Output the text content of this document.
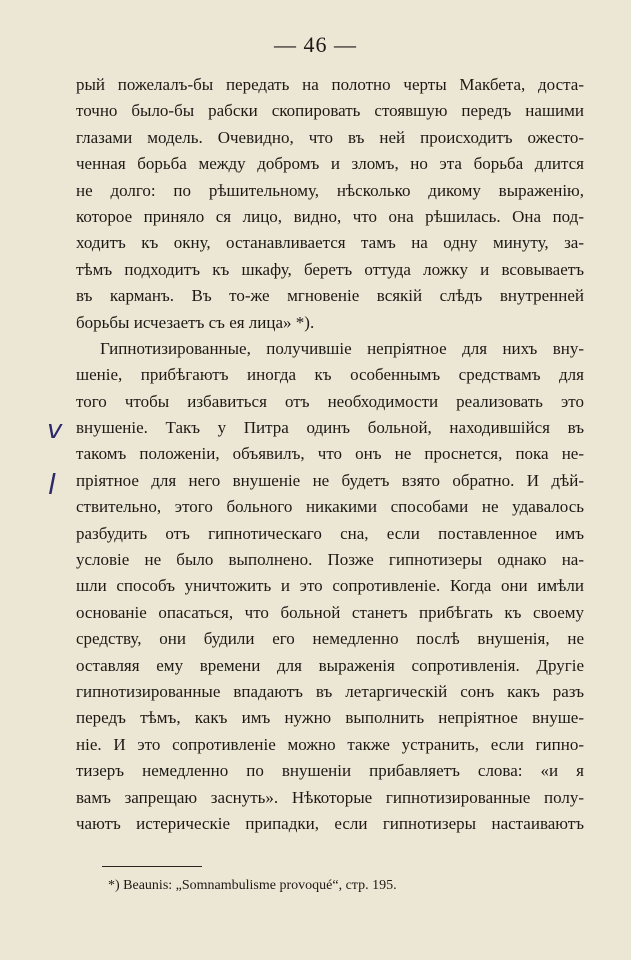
— 46 —
v
l
рый пожелалъ-бы передать на полотно черты Макбета, доста-
точно было-бы рабски скопировать стоявшую передъ нашими
глазами модель. Очевидно, что въ ней происходитъ ожесто-
ченная борьба между добромъ и зломъ, но эта борьба длится
не долго: по рѣшительному, нѣсколько дикому выраженію,
которое приняло ся лицо, видно, что она рѣшилась. Она под-
ходитъ къ окну, останавливается тамъ на одну минуту, за-
тѣмъ подходитъ къ шкафу, беретъ оттуда ложку и всовываетъ
въ карманъ. Въ то-же мгновеніе всякій слѣдъ внутренней
борьбы исчезаетъ съ ея лица» *).
Гипнотизированные, получившіе непріятное для нихъ вну-
шеніе, прибѣгаютъ иногда къ особеннымъ средствамъ для
того чтобы избавиться отъ необходимости реализовать это
внушеніе. Такъ у Питра одинъ больной, находившійся въ
такомъ положеніи, объявилъ, что онъ не проснется, пока не-
пріятное для него внушеніе не будетъ взято обратно. И дѣй-
ствительно, этого больного никакими способами не удавалось
разбудить отъ гипнотическаго сна, если поставленное имъ
условіе не было выполнено. Позже гипнотизеры однако на-
шли способъ уничтожить и это сопротивленіе. Когда они имѣли
основаніе опасаться, что больной станетъ прибѣгать къ своему
средству, они будили его немедленно послѣ внушенія, не
оставляя ему времени для выраженія сопротивленія. Другіе
гипнотизированные впадаютъ въ летаргическій сонъ какъ разъ
передъ тѣмъ, какъ имъ нужно выполнить непріятное внуше-
ніе. И это сопротивленіе можно также устранить, если гипно-
тизеръ немедленно по внушеніи прибавляетъ слова: «и я
вамъ запрещаю заснуть». Нѣкоторые гипнотизированные полу-
чаютъ истерическіе припадки, если гипнотизеры настаиваютъ
*) Beaunis: „Somnambulisme provoqué“, стр. 195.
